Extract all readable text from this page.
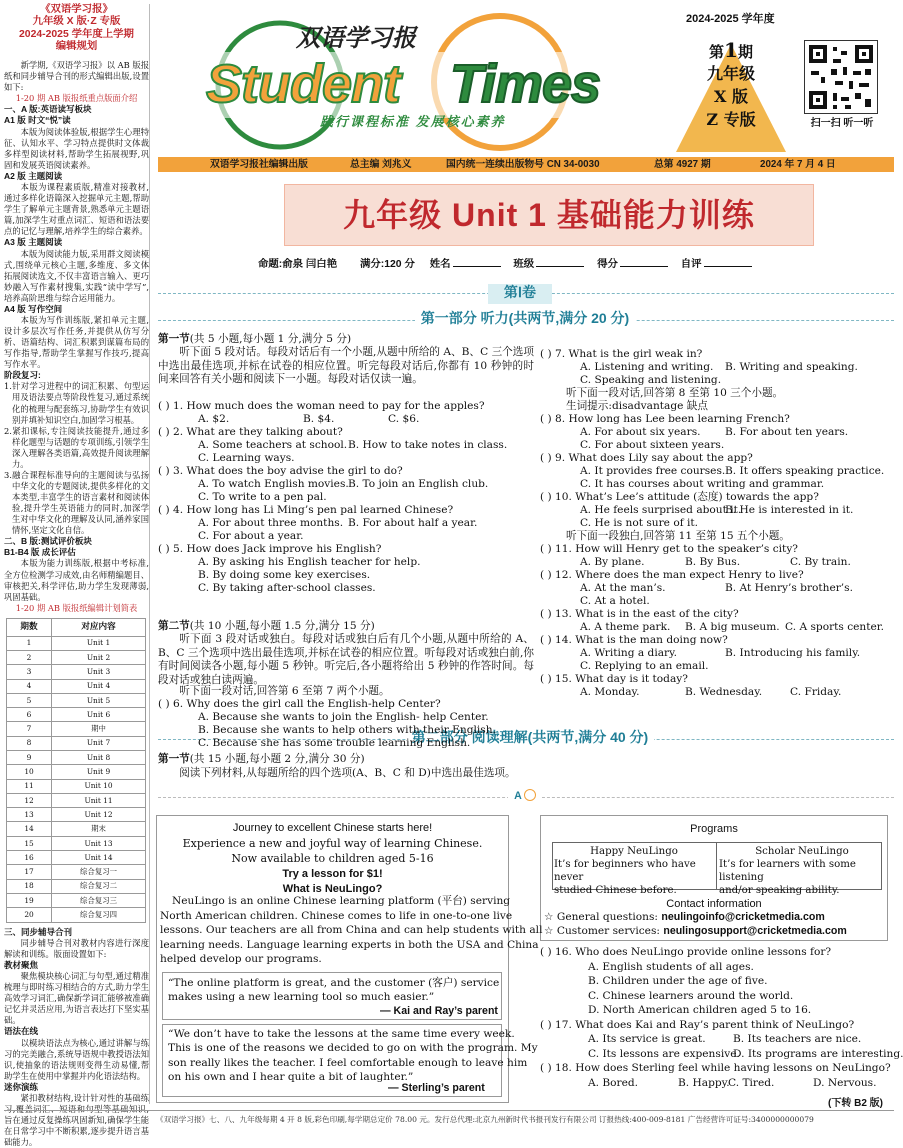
《双语学习报》
九年级 X 版·Z 专版
2024-2025 学年度上学期
编辑规划
新学期,《双语学习报》以 AB 版报纸和同步辅导合刊的形式编辑出版,设置如下:
1-20 期 AB 版报纸重点版面介绍
一、A 版:英语读写板块
A1 版 时文“悦”读
本版为阅读体验版,根据学生心理特征、认知水平、学习特点提供时文体裁多样型阅读材料,帮助学生拓展视野,巩固和发展英语阅读素养。
A2 版 主题阅读
本版为课程素质版,精准对接教材,通过多样化语篇深入挖掘单元主题,帮助学生了解单元主题背景,熟悉单元主题语篇,加深学生对重点词汇、短语和语法要点的记忆与理解,培养学生的综合素养。
A3 版 主题阅读
本版为阅读能力版,采用群文阅读模式,围绕单元核心主题,多维度、多文体拓展阅读选文,不仅丰富语言输入、更巧妙融入写作素材搜集,实践“读中学写”,培养高阶思维与综合运用能力。
A4 版 写作空间
本版为写作训练版,紧扣单元主题,设计多层次写作任务,并提供从仿写分析、语篇结构、词汇积累到谋篇布局的写作指导,帮助学生掌握写作技巧,提高写作水平。
阶段复习:
1.针对学习进程中的词汇积累、句型运用及语法要点等阶段性复习,通过系统化的梳理与配套练习,协助学生有效识别并填补知识空白,加固学习根基。
2.紧扣课标,专注阅读技能提升,通过多样化题型与话题的专项训练,引领学生深入理解各类语篇,高效提升阅读理解力。
3.融合课程标准导向的主题阅读与弘扬中华文化的专题阅读,提供多样化的文本类型,丰富学生的语言素材和阅读体验,提升学生英语能力的同时,加深学生对中华文化的理解及认同,涵养家国情怀,坚定文化自信。
二、B 版:测试评价板块
B1-B4 版 成长评估
本版为能力训练版,根据中考标准,全方位检测学习成效,由名师精编题目、审核把关,科学评估,助力学生发现薄弱,巩固基础。
1-20 期 AB 版报纸编辑计划简表
期数	对应内容
1	Unit 1
2	Unit 2
3	Unit 3
4	Unit 4
5	Unit 5
6	Unit 6
7	期中
8	Unit 7
9	Unit 8
10	Unit 9
11	Unit 10
12	Unit 11
13	Unit 12
14	期末
15	Unit 13
16	Unit 14
17	综合复习一
18	综合复习二
19	综合复习三
20	综合复习四
三、同步辅导合刊
同步辅导合刊对教材内容进行深度解读和训练。版面设置如下:
教材聚焦
聚焦模块核心词汇与句型,通过精准梳理与即时练习相结合的方式,助力学生高效学习词汇,确保新学词汇能够被准确记忆并灵活应用,为语言表达打下坚实基础。
语法在线
以模块语法点为核心,通过讲解与练习的完美融合,系统导语规中教授语法知识,使抽象的语法规则变得生动易懂,帮助学生在使用中掌握并内化语法结构。
迷你演练
紧扣教材结构,设计针对性的基础练习,覆盖词汇、短语和句型等基础知识,旨在通过反复操练巩固新知,确保学生能在日常学习中不断积累,逐步提升语言基础能力。
双语学习报
Student Times
践行课程标准 发展核心素养
2024-2025 学年度
第1期
九年级
X 版
Z 专版	扫一扫 听一听
双语学习报社编辑出版	总主编 刘兆义	国内统一连续出版物号 CN 34-0030	总第 4927 期	2024 年 7 月 4 日
九年级 Unit 1 基础能力训练
命题:俞泉 闫白艳 满分:120 分 姓名	班级	得分	自评
第Ⅰ卷
第一部分 听力(共两节,满分 20 分)
第一节(共 5 小题,每小题 1 分,满分 5 分)
听下面 5 段对话。每段对话后有一个小题,从题中所给的 A、B、C 三个选项中选出最佳选项,并标在试卷的相应位置。听完每段对话后,你都有 10 秒钟的时间来回答有关小题和阅读下一小题。每段对话仅读一遍。
第二节(共 10 小题,每小题 1.5 分,满分 15 分)
听下面 3 段对话或独白。每段对话或独白后有几个小题,从题中所给的 A、B、C 三个选项中选出最佳选项,并标在试卷的相应位置。听每段对话或独白前,你有时间阅读各小题,每小题 5 秒钟。听完后,各小题将给出 5 秒钟的作答时间。每段对话或独白读两遍。
听下面一段对话,回答第 6 至第 7 两个小题。
第二部分 阅读理解(共两节,满分 40 分)
第一节(共 15 小题,每小题 2 分,满分 30 分)
阅读下列材料,从每题所给的四个选项(A、B、C 和 D)中选出最佳选项。
A
Journey to excellent Chinese starts here!
Experience a new and joyful way of learning Chinese.
Now available to children aged 5-16
Try a lesson for $1!
What is NeuLingo?
Programs
Happy NeuLingo
It’s for beginners who have never
studied Chinese before.
Scholar NeuLingo
It’s for learners with some listening
and/or speaking ability.
Contact information
☆ General questions: neulingoinfo@cricketmedia.com
☆ Customer services: neulingosupport@cricketmedia.com
(下转 B2 版)
《双语学习报》七、八、九年级每期 4 开 8 版,彩色印刷,每学期总定价 78.00 元。发行总代理:北京九州新时代书报刊发行有限公司 订报热线:400-009-8181 广告经营许可证号:3400000000079
( ) 1. How much does the woman need to pay for the apples?
A. $2.	B. $4.	C. $6.
( ) 2. What are they talking about?
A. Some teachers at school. B. How to take notes in class.
C. Learning ways.
( ) 3. What does the boy advise the girl to do?
A. To watch English movies. B. To join an English club.
C. To write to a pen pal.
( ) 4. How long has Li Ming’s pen pal learned Chinese?
A. For about three months. B. For about half a year.
C. For about a year.
( ) 5. How does Jack improve his English?
A. By asking his English teacher for help.
B. By doing some key exercises.
C. By taking after-school classes.
( ) 6. Why does the girl call the English-help Center?
A. Because she wants to join the English- help Center.
B. Because she wants to help others with their English.
C. Because she has some trouble learning English.
( ) 7. What is the girl weak in?
A. Listening and writing. B. Writing and speaking.
C. Speaking and listening.
听下面一段对话,回答第 8 至第 10 三个小题。
生词提示:disadvantage 缺点
( ) 8. How long has Lee been learning French?
A. For about six years. B. For about ten years.
C. For about sixteen years.
( ) 9. What does Lily say about the app?
A. It provides free courses. B. It offers speaking practice.
C. It has courses about writing and grammar.
( ) 10. What’s Lee’s attitude (态度) towards the app?
A. He feels surprised about it.
B. He is interested in it.
C. He is not sure of it.
听下面一段独白,回答第 11 至第 15 五个小题。
( ) 11. How will Henry get to the speaker’s city?
A. By plane.	B. By Bus.	C. By train.
( ) 12. Where does the man expect Henry to live?
A. At the man’s.	B. At Henry’s brother’s.
C. At a hotel.
( ) 13. What is in the east of the city?
A. A theme park. B. A big museum. C. A sports center.
( ) 14. What is the man doing now?
A. Writing a diary.	B. Introducing his family.
C. Replying to an email.
( ) 15. What day is it today?
A. Monday.	B. Wednesday.	C. Friday.
NeuLingo is an online Chinese learning platform (平台) serving
North American children. Chinese comes to life in one-to-one live
lessons. Our teachers are all from China and can help students with all
learning needs. Language learning experts in both the USA and China
helped develop our programs.
“The online platform is great, and the customer (客户) service
makes using a new learning tool so much easier.”
— Kai and Ray’s parent
“We don’t have to take the lessons at the same time every week.
This is one of the reasons we decided to go on with the program. My
son really likes the teacher. I feel comfortable enough to leave him
on his own and I hear quite a bit of laughter.”
— Sterling’s parent
( ) 16. Who does NeuLingo provide online lessons for?
A. English students of all ages.
B. Children under the age of five.
C. Chinese learners around the world.
D. North American children aged 5 to 16.
( ) 17. What does Kai and Ray’s parent think of NeuLingo?
A. Its service is great.	B. Its teachers are nice.
C. Its lessons are expensive.
D. Its programs are interesting.
( ) 18. How does Sterling feel while having lessons on NeuLingo?
A. Bored.	B. Happy.
C. Tired.	D. Nervous.
